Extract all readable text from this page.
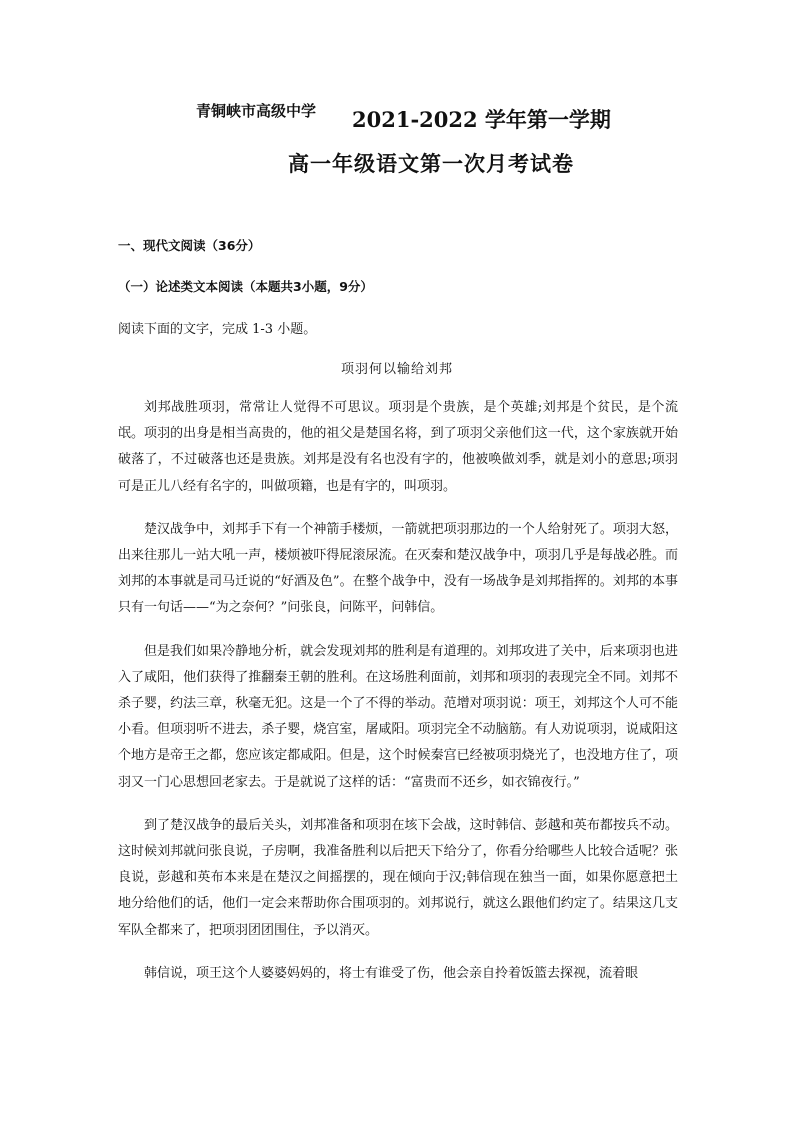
青铜峡市高级中学 2021-2022 学年第一学期
高一年级语文第一次月考试卷
一、现代文阅读（36分）
（一）论述类文本阅读（本题共3小题，9分）
阅读下面的文字，完成 1-3 小题。
项羽何以输给刘邦

刘邦战胜项羽，常常让人觉得不可思议。项羽是个贵族，是个英雄;刘邦是个贫民，是个流氓。项羽的出身是相当高贵的，他的祖父是楚国名将，到了项羽父亲他们这一代，这个家族就开始破落了，不过破落也还是贵族。刘邦是没有名也没有字的，他被唤做刘季，就是刘小的意思;项羽可是正儿八经有名字的，叫做项籍，也是有字的，叫项羽。

楚汉战争中，刘邦手下有一个神箭手楼烦，一箭就把项羽那边的一个人给射死了。项羽大怒，出来往那儿一站大吼一声，楼烦被吓得屁滚尿流。在灭秦和楚汉战争中，项羽几乎是每战必胜。而刘邦的本事就是司马迁说的“好酒及色”。在整个战争中，没有一场战争是刘邦指挥的。刘邦的本事只有一句话——“为之奈何？”问张良，问陈平，问韩信。

但是我们如果冷静地分析，就会发现刘邦的胜利是有道理的。刘邦攻进了关中，后来项羽也进入了咸阳，他们获得了推翻秦王朝的胜利。在这场胜利面前，刘邦和项羽的表现完全不同。刘邦不杀子婴，约法三章，秋毫无犯。这是一个了不得的举动。范增对项羽说：项王，刘邦这个人可不能小看。但项羽听不进去，杀子婴，烧宫室，屠咸阳。项羽完全不动脑筋。有人劝说项羽，说咸阳这个地方是帝王之都，您应该定都咸阳。但是，这个时候秦宫已经被项羽烧光了，也没地方住了，项羽又一门心思想回老家去。于是就说了这样的话：“富贵而不还乡，如衣锦夜行。”

到了楚汉战争的最后关头，刘邦准备和项羽在垓下会战，这时韩信、彭越和英布都按兵不动。这时候刘邦就问张良说，子房啊，我准备胜利以后把天下给分了，你看分给哪些人比较合适呢？张良说，彭越和英布本来是在楚汉之间摇摆的，现在倾向于汉;韩信现在独当一面，如果你愿意把土地分给他们的话，他们一定会来帮助你合围项羽的。刘邦说行，就这么跟他们约定了。结果这几支军队全都来了，把项羽团团围住，予以消灭。

韩信说，项王这个人婆婆妈妈的，将士有谁受了伤，他会亲自拎着饭篮去探视，流着眼
